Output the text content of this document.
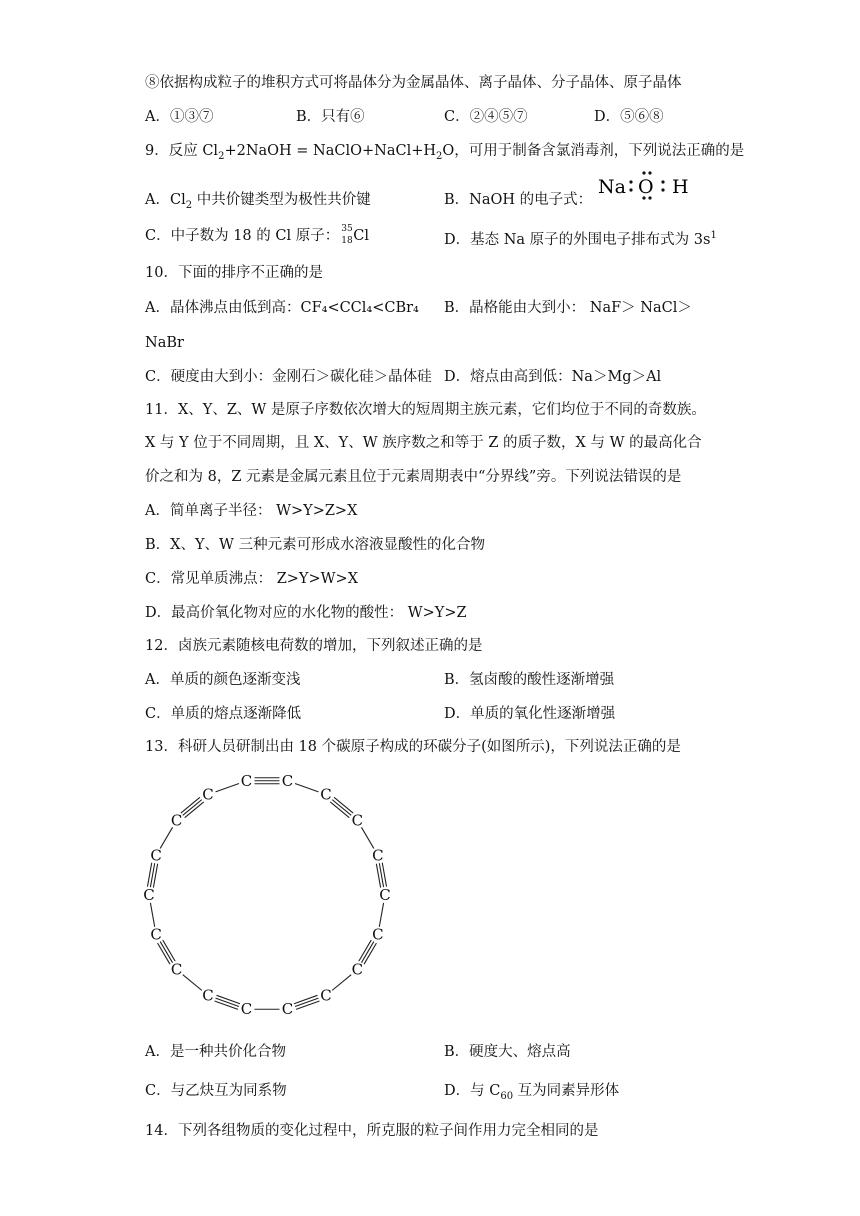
⑧依据构成粒子的堆积方式可将晶体分为金属晶体、离子晶体、分子晶体、原子晶体
A．①③⑦	B．只有⑥	C．②④⑤⑦	D．⑤⑥⑧
9．反应 $Cl_2+2NaOH$ = $NaClO+NaCl+H_2O$，可用于制备含氯消毒剂，下列说法正确的是
A．$Cl_2$ 中共价键类型为极性共价键	B．NaOH 的电子式：
Na O H
C．中子数为 18 的 Cl 原子： 35
18 Cl	D．基态 Na 原子的外围电子排布式为 $3s^1$
10．下面的排序不正确的是
A．晶体沸点由低到高：CF₄<CCl₄<CBr₄ B．晶格能由大到小： NaF＞ NaCl＞
NaBr
C．硬度由大到小：金刚石＞碳化硅＞晶体硅 D．熔点由高到低：Na＞Mg＞Al
11．X、Y、Z、W 是原子序数依次增大的短周期主族元素，它们均位于不同的奇数族。
X 与 Y 位于不同周期，且 X、Y、W 族序数之和等于 Z 的质子数，X 与 W 的最高化合
价之和为 8，Z 元素是金属元素且位于元素周期表中“分界线”旁。下列说法错误的是
A．简单离子半径： W>Y>Z>X
B．X、Y、W 三种元素可形成水溶液显酸性的化合物
C．常见单质沸点： Z>Y>W>X
D．最高价氧化物对应的水化物的酸性： W>Y>Z
12．卤族元素随核电荷数的增加，下列叙述正确的是
A．单质的颜色逐渐变浅	B．氢卤酸的酸性逐渐增强
C．单质的熔点逐渐降低	D．单质的氧化性逐渐增强
13．科研人员研制出由 18 个碳原子构成的环碳分子(如图所示)，下列说法正确的是
C C
C
C
C
C
C
C
C
C
C
C
C
C
C
C
C
C
A．是一种共价化合物	B．硬度大、熔点高
C．与乙炔互为同系物	D．与 $C_{60}$ 互为同素异形体
14．下列各组物质的变化过程中，所克服的粒子间作用力完全相同的是
